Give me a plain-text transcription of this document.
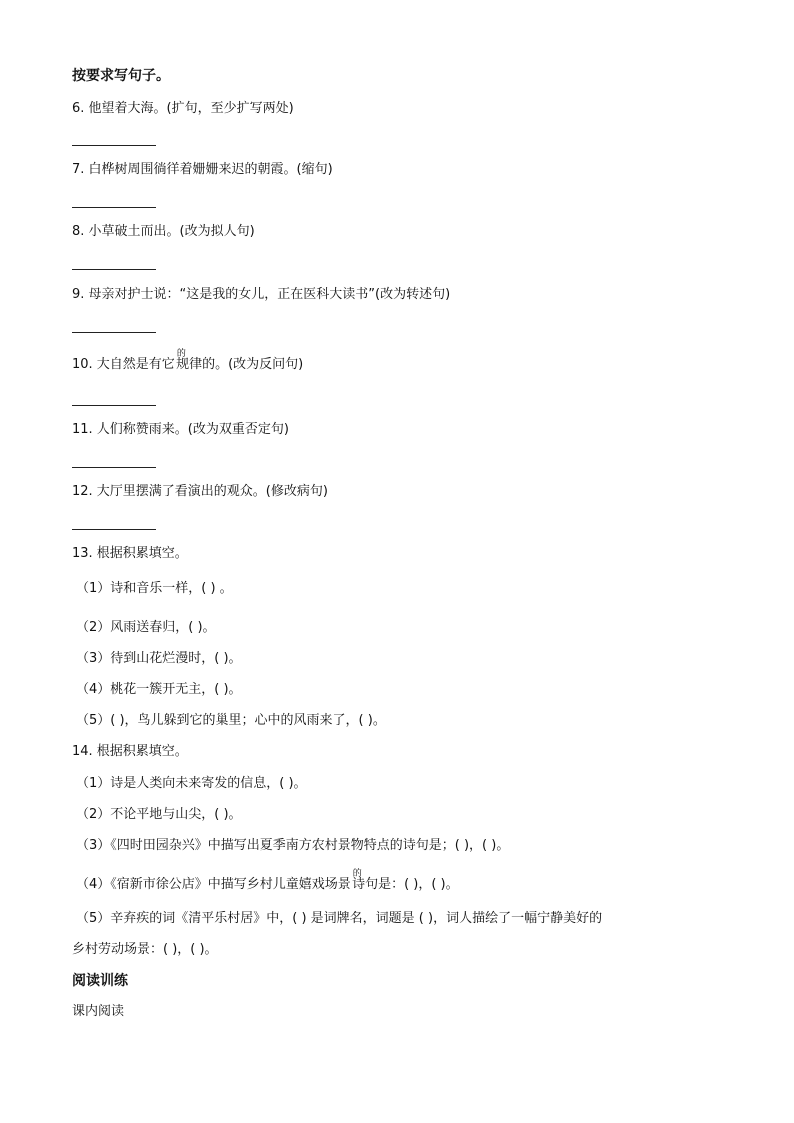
按要求写句子。
6. 他望着大海。(扩句，至少扩写两处)
7. 白桦树周围徜徉着姗姗来迟的朝霞。(缩句)
8. 小草破土而出。(改为拟人句)
9. 母亲对护士说：“这是我的女儿，正在医科大读书”(改为转述句)
10. 大自然是有它
的
 规律的。(改为反问句)
11. 人们称赞雨来。(改为双重否定句)
12. 大厅里摆满了看演出的观众。(修改病句)
13. 根据积累填空。
（1）诗和音乐一样，( ) 。
（2）风雨送春归，( )。
（3）待到山花烂漫时，( )。
（4）桃花一簇开无主，( )。
（5）( )，鸟儿躲到它的巢里；心中的风雨来了，( )。
14. 根据积累填空。
（1）诗是人类向未来寄发的信息，( )。
（2）不论平地与山尖，( )。
（3）《四时田园杂兴》中描写出夏季南方农村景物特点的诗句是；( )，( )。
（4）《宿新市徐公店》中描写乡村儿童嬉戏场景
的
 诗句是：( )，( )。
（5）辛弃疾的词《清平乐村居》中，( ) 是词牌名，词题是 ( )，词人描绘了一幅宁静美好的
乡村劳动场景：( )，( )。
阅读训练
课内阅读
